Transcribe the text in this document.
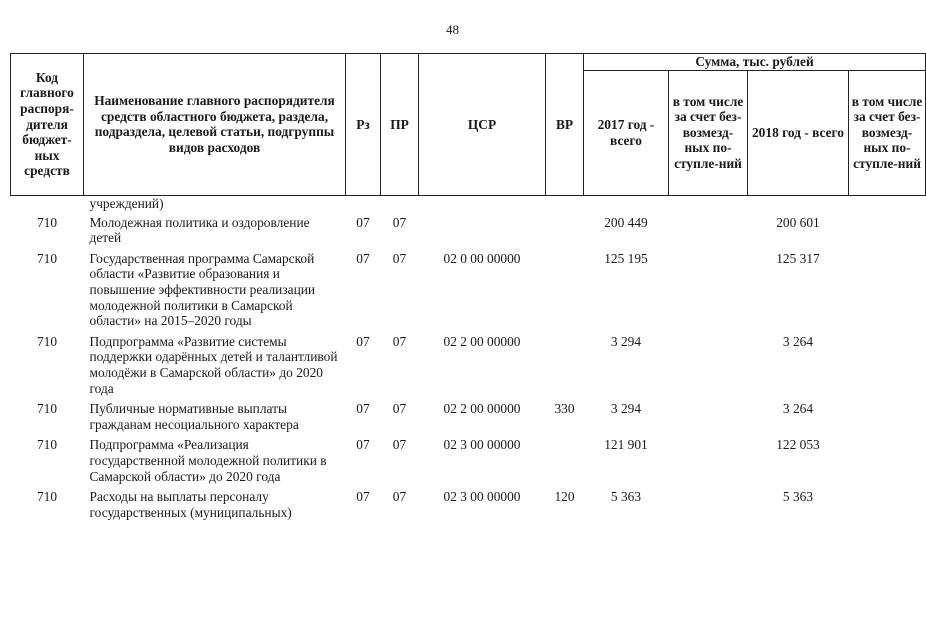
48
Код главного распоря-дителя бюджет-ных средств	Наименование главного распорядителя средств областного бюджета, раздела, подраздела, целевой статьи, подгруппы видов расходов	Рз	ПР	ЦСР	ВР	Сумма, тыс. рублей			
						2017 год - всего	в том числе за счет без-возмезд-ных по-ступле-ний	2018 год - всего	в том числе за счет без-возмезд-ных по-ступле-ний
	учреждений)								
710	Молодежная политика и оздоровление детей	07	07			200 449		200 601	
710	Государственная программа Самарской области «Развитие образования и повышение эффективности реализации молодежной политики в Самарской области» на 2015–2020 годы	07	07	02 0 00 00000		125 195		125 317	
710	Подпрограмма «Развитие системы поддержки одарённых детей и талантливой молодёжи в Самарской области» до 2020 года	07	07	02 2 00 00000		3 294		3 264	
710	Публичные нормативные выплаты гражданам несоциального характера	07	07	02 2 00 00000	330	3 294		3 264	
710	Подпрограмма «Реализация государственной молодежной политики в Самарской области» до 2020 года	07	07	02 3 00 00000		121 901		122 053	
710	Расходы на выплаты персоналу государственных (муниципальных)	07	07	02 3 00 00000	120	5 363		5 363	
